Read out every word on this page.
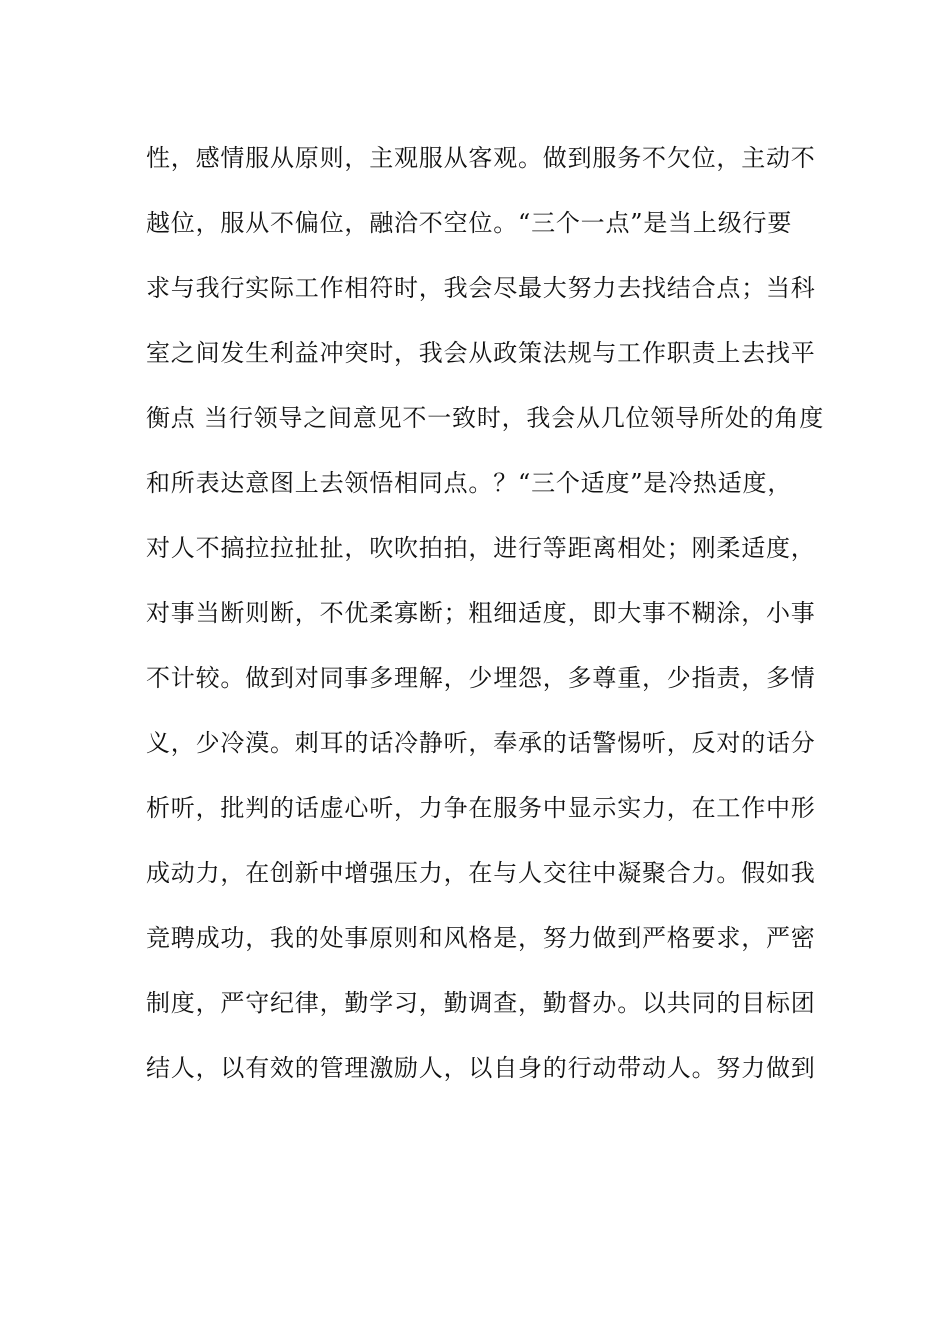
性，感情服从原则，主观服从客观。做到服务不欠位，主动不
越位，服从不偏位，融洽不空位。“三个一点”是当上级行要
求与我行实际工作相符时，我会尽最大努力去找结合点；当科
室之间发生利益冲突时，我会从政策法规与工作职责上去找平
衡点 当行领导之间意见不一致时，我会从几位领导所处的角度
和所表达意图上去领悟相同点。？“三个适度”是冷热适度，
对人不搞拉拉扯扯，吹吹拍拍，进行等距离相处；刚柔适度，
对事当断则断，不优柔寡断；粗细适度，即大事不糊涂，小事
不计较。做到对同事多理解，少埋怨，多尊重，少指责，多情
义，少冷漠。刺耳的话冷静听，奉承的话警惕听，反对的话分
析听，批判的话虚心听，力争在服务中显示实力，在工作中形
成动力，在创新中增强压力，在与人交往中凝聚合力。假如我
竞聘成功，我的处事原则和风格是，努力做到严格要求，严密
制度，严守纪律，勤学习，勤调查，勤督办。以共同的目标团
结人，以有效的管理激励人，以自身的行动带动人。努力做到
